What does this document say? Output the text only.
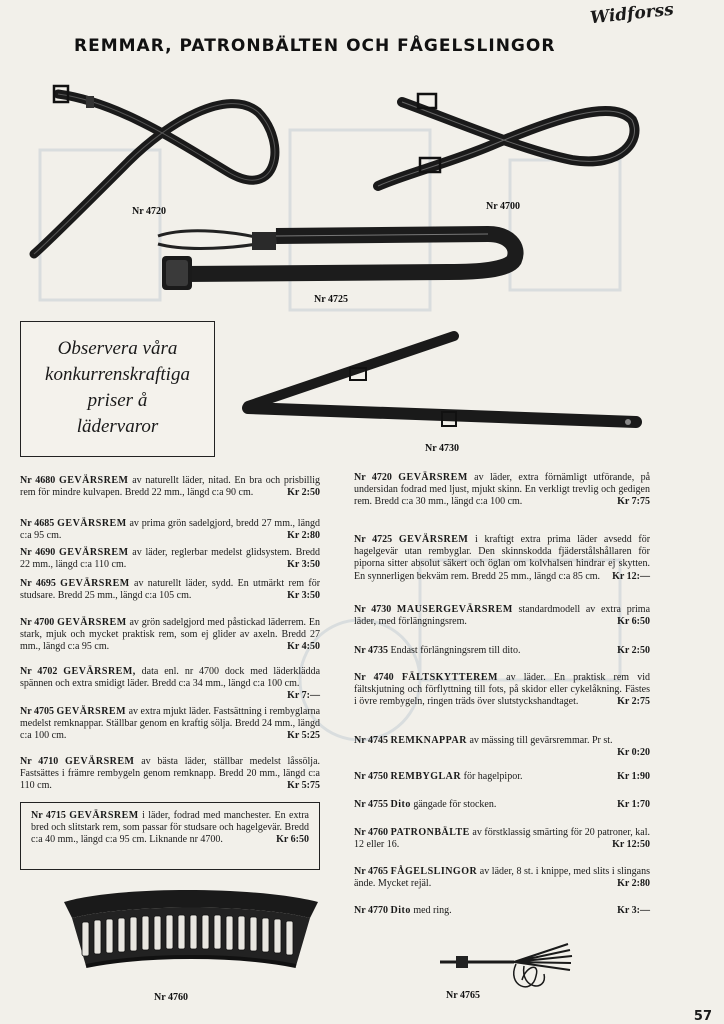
Widforss
REMMAR, PATRONBÄLTEN OCH FÅGELSLINGOR
Nr 4720	Nr 4700
Nr 4725
Observera våra
konkurrenskraftiga
priser å
lädervaror
Nr 4730
Nr 4680 GEVÄRSREM av naturellt läder, nitad. En bra och prisbillig rem för mindre kulvapen. Bredd 22 mm., längd c:a 90 cm.	Kr 2:50
Nr 4685 GEVÄRSREM av prima grön sadelgjord, bredd 27 mm., längd c:a 95 cm.	Kr 2:80
Nr 4690 GEVÄRSREM av läder, reglerbar medelst glidsystem. Bredd 22 mm., längd c:a 110 cm.	Kr 3:50
Nr 4695 GEVÄRSREM av naturellt läder, sydd. En utmärkt rem för studsare. Bredd 25 mm., längd c:a 105 cm.	Kr 3:50
Nr 4700 GEVÄRSREM av grön sadelgjord med påstickad läderrem. En stark, mjuk och mycket praktisk rem, som ej glider av axeln. Bredd 27 mm., längd c:a 95 cm.	Kr 4:50
Nr 4702 GEVÄRSREM, data enl. nr 4700 dock med läderklädda spännen och extra smidigt läder. Bredd c:a 34 mm., längd c:a 100 cm.
Kr 7:—
Nr 4705 GEVÄRSREM av extra mjukt läder. Fastsättning i rembyglarna medelst remknappar. Ställbar genom en kraftig sölja. Bredd 24 mm., längd c:a 100 cm.	Kr 5:25
Nr 4710 GEVÄRSREM av bästa läder, ställbar medelst låssölja. Fastsättes i främre rembygeln genom remknapp. Bredd 20 mm., längd c:a 110 cm.	Kr 5:75
Nr 4715 GEVÄRSREM i läder, fodrad med manchester. En extra bred och slitstark rem, som passar för studsare och hagelgevär. Bredd c:a 40 mm., längd c:a 95 cm. Liknande nr 4700.	Kr 6:50
Nr 4760
Nr 4720 GEVÄRSREM av läder, extra förnämligt utförande, på undersidan fodrad med ljust, mjukt skinn. En verkligt trevlig och gedigen rem. Bredd c:a 30 mm., längd c:a 100 cm.	Kr 7:75
Nr 4725 GEVÄRSREM i kraftigt extra prima läder avsedd för hagelgevär utan rembyglar. Den skinnskodda fjäderstålshållaren för piporna sitter absolut säkert och öglan om kolvhalsen hindrar ej skytten. En synnerligen bekväm rem. Bredd 25 mm., längd c:a 85 cm. Kr 12:—
Nr 4730 MAUSERGEVÄRSREM standardmodell av extra prima läder, med förlängningsrem.	Kr 6:50
Nr 4735 Endast förlängningsrem till dito.	Kr 2:50
Nr 4740 FÄLTSKYTTEREM av läder. En praktisk rem vid fältskjutning och förflyttning till fots, på skidor eller cykelåkning. Fästes i övre rembygeln, ringen träds över slutstyckshandtaget.	Kr 2:75
Nr 4745 REMKNAPPAR av mässing till gevärsremmar. Pr st.
Kr 0:20
Nr 4750 REMBYGLAR för hagelpipor.	Kr 1:90
Nr 4755 Dito gängade för stocken.	Kr 1:70
Nr 4760 PATRONBÄLTE av förstklassig smärting för 20 patroner, kal. 12 eller 16.	Kr 12:50
Nr 4765 FÅGELSLINGOR av läder, 8 st. i knippe, med slits i slingans ände. Mycket rejäl.	Kr 2:80
Nr 4770 Dito med ring.	Kr 3:—
Nr 4765
57
